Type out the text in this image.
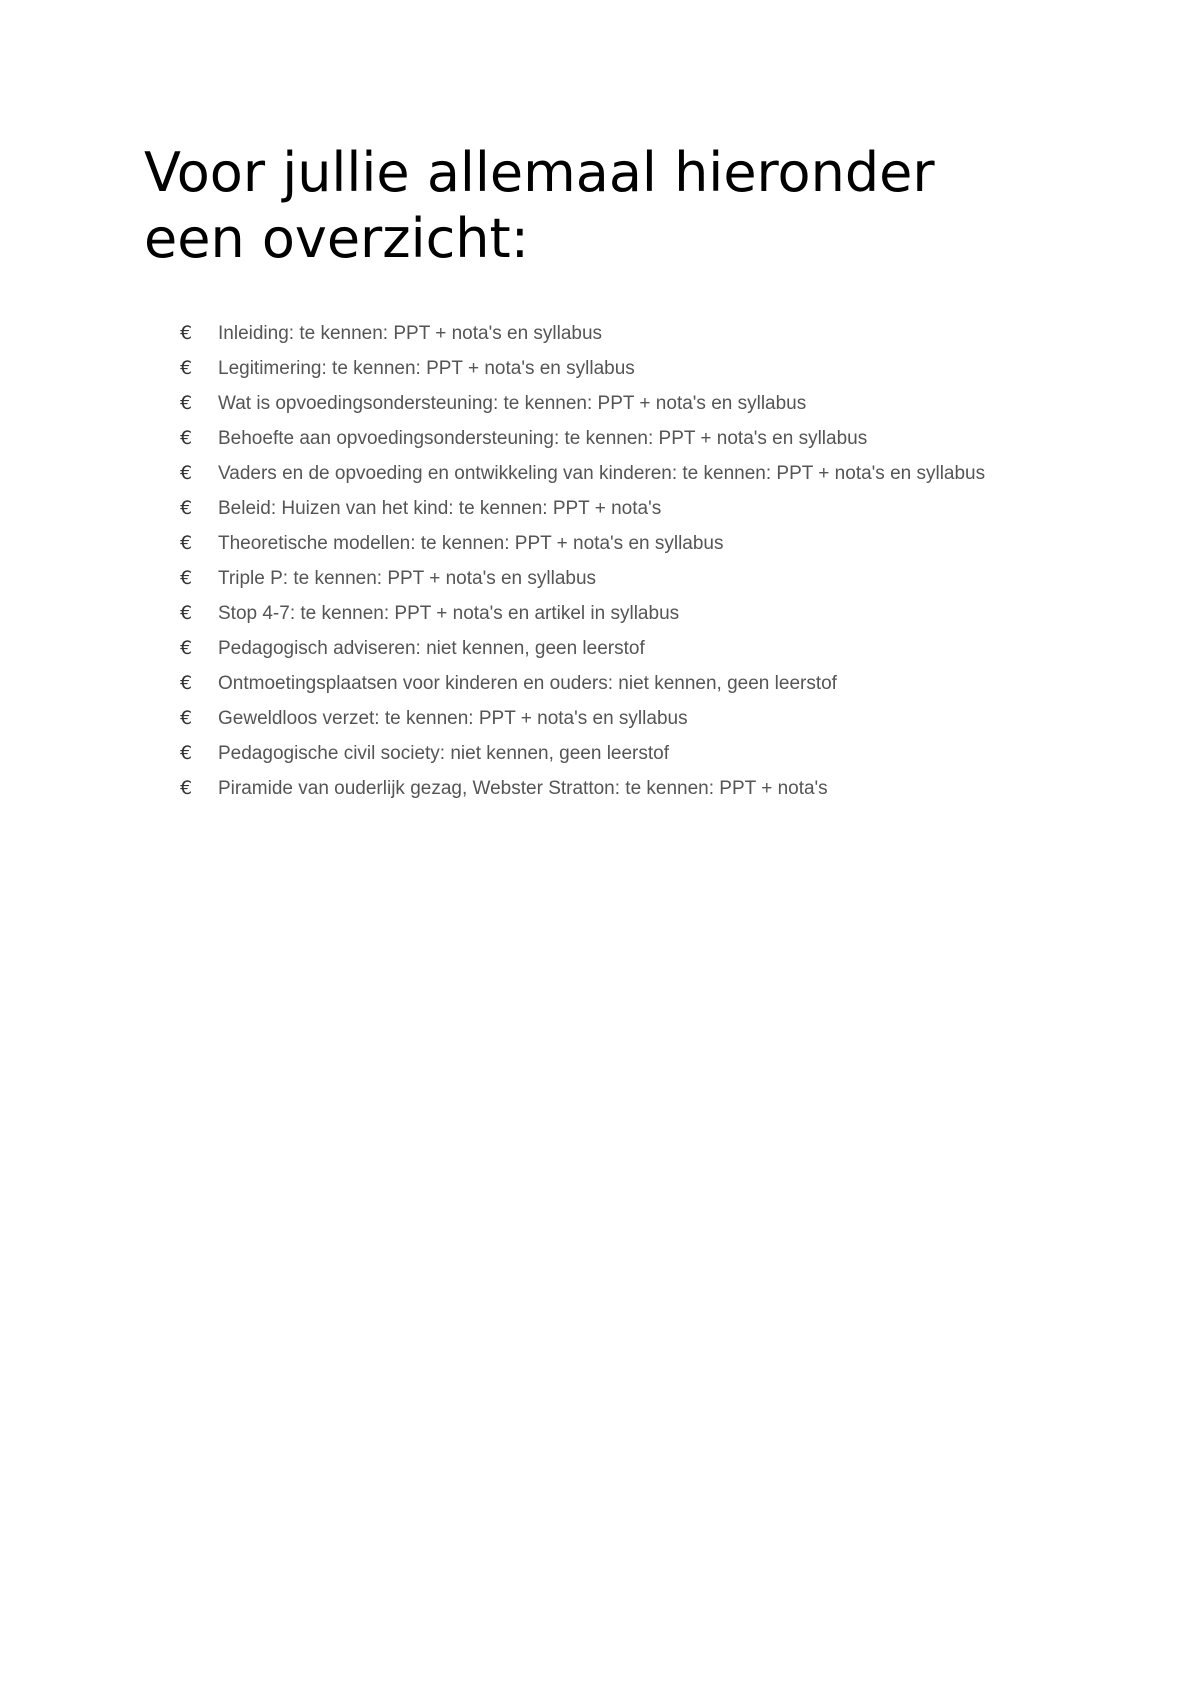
Voor jullie allemaal hieronder een overzicht:
€	Inleiding: te kennen: PPT + nota's en syllabus
€	Legitimering: te kennen: PPT + nota's en syllabus
€	Wat is opvoedingsondersteuning: te kennen: PPT + nota's en syllabus
€	Behoefte aan opvoedingsondersteuning: te kennen: PPT + nota's en syllabus
€	Vaders en de opvoeding en ontwikkeling van kinderen: te kennen: PPT + nota's en syllabus
€	Beleid: Huizen van het kind: te kennen: PPT + nota's
€	Theoretische modellen: te kennen: PPT + nota's en syllabus
€	Triple P: te kennen: PPT + nota's en syllabus
€	Stop 4-7: te kennen: PPT + nota's en artikel in syllabus
€	Pedagogisch adviseren: niet kennen, geen leerstof
€	Ontmoetingsplaatsen voor kinderen en ouders: niet kennen, geen leerstof
€	Geweldloos verzet: te kennen: PPT + nota's en syllabus
€	Pedagogische civil society: niet kennen, geen leerstof
€	Piramide van ouderlijk gezag, Webster Stratton: te kennen: PPT + nota's
